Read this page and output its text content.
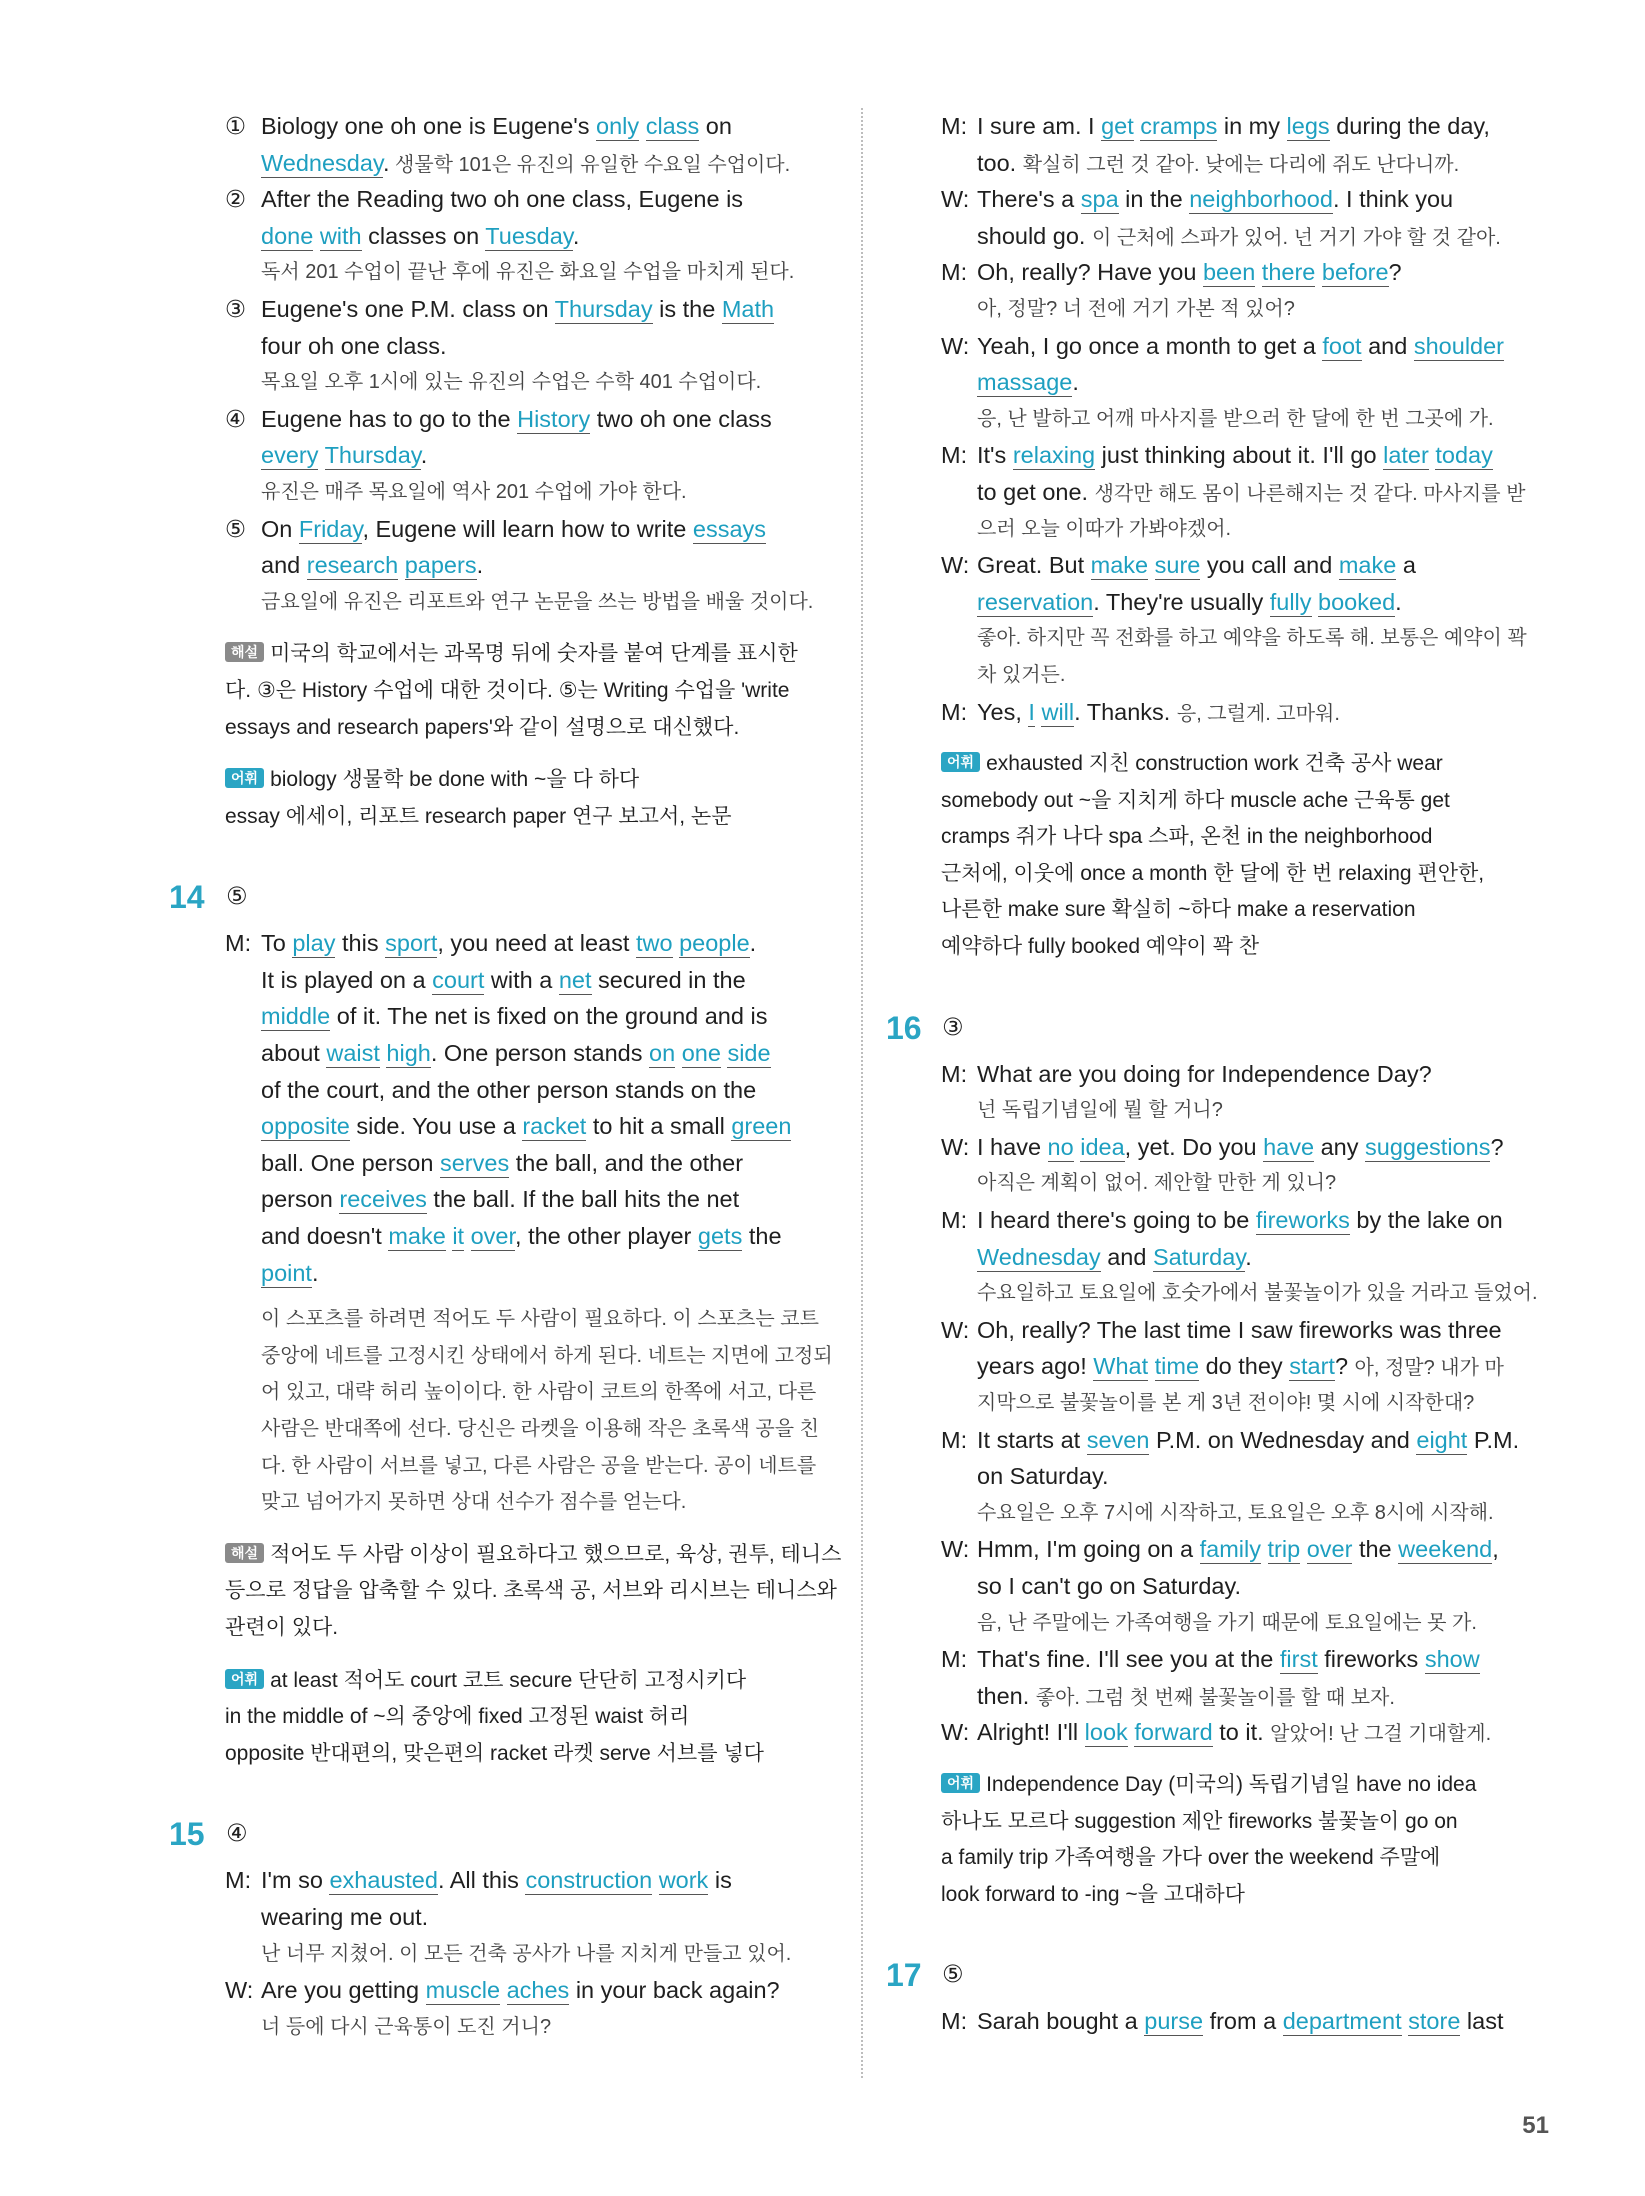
① Biology one oh one is Eugene's only class on
Wednesday. 생물학 101은 유진의 유일한 수요일 수업이다.
② After the Reading two oh one class, Eugene is
done with classes on Tuesday.
독서 201 수업이 끝난 후에 유진은 화요일 수업을 마치게 된다.
③ Eugene's one P.M. class on Thursday is the Math
four oh one class.
목요일 오후 1시에 있는 유진의 수업은 수학 401 수업이다.
④ Eugene has to go to the History two oh one class
every Thursday.
유진은 매주 목요일에 역사 201 수업에 가야 한다.
⑤ On Friday, Eugene will learn how to write essays
and research papers.
금요일에 유진은 리포트와 연구 논문을 쓰는 방법을 배울 것이다.
해설 미국의 학교에서는 과목명 뒤에 숫자를 붙여 단계를 표시한
다. ③은 History 수업에 대한 것이다. ⑤는 Writing 수업을 'write
essays and research papers'와 같이 설명으로 대신했다.
어휘 biology 생물학 be done with ~을 다 하다
essay 에세이, 리포트 research paper 연구 보고서, 논문
14 ⑤
M: To play this sport, you need at least two people.
It is played on a court with a net secured in the
middle of it. The net is fixed on the ground and is
about waist high. One person stands on one side
of the court, and the other person stands on the
opposite side. You use a racket to hit a small green
ball. One person serves the ball, and the other
person receives the ball. If the ball hits the net
and doesn't make it over, the other player gets the
point.
이 스포츠를 하려면 적어도 두 사람이 필요하다. 이 스포츠는 코트
중앙에 네트를 고정시킨 상태에서 하게 된다. 네트는 지면에 고정되
어 있고, 대략 허리 높이이다. 한 사람이 코트의 한쪽에 서고, 다른
사람은 반대쪽에 선다. 당신은 라켓을 이용해 작은 초록색 공을 친
다. 한 사람이 서브를 넣고, 다른 사람은 공을 받는다. 공이 네트를
맞고 넘어가지 못하면 상대 선수가 점수를 얻는다.
해설 적어도 두 사람 이상이 필요하다고 했으므로, 육상, 권투, 테니스
등으로 정답을 압축할 수 있다. 초록색 공, 서브와 리시브는 테니스와
관련이 있다.
어휘 at least 적어도 court 코트 secure 단단히 고정시키다
in the middle of ~의 중앙에 fixed 고정된 waist 허리
opposite 반대편의, 맞은편의 racket 라켓 serve 서브를 넣다
15 ④
M: I'm so exhausted. All this construction work is
wearing me out.
난 너무 지쳤어. 이 모든 건축 공사가 나를 지치게 만들고 있어.
W: Are you getting muscle aches in your back again?
너 등에 다시 근육통이 도진 거니?
M: I sure am. I get cramps in my legs during the day,
too. 확실히 그런 것 같아. 낮에는 다리에 쥐도 난다니까.
W: There's a spa in the neighborhood. I think you
should go. 이 근처에 스파가 있어. 넌 거기 가야 할 것 같아.
M: Oh, really? Have you been there before?
아, 정말? 너 전에 거기 가본 적 있어?
W: Yeah, I go once a month to get a foot and shoulder
massage.
응, 난 발하고 어깨 마사지를 받으러 한 달에 한 번 그곳에 가.
M: It's relaxing just thinking about it. I'll go later today
to get one. 생각만 해도 몸이 나른해지는 것 같다. 마사지를 받
으러 오늘 이따가 가봐야겠어.
W: Great. But make sure you call and make a
reservation. They're usually fully booked.
좋아. 하지만 꼭 전화를 하고 예약을 하도록 해. 보통은 예약이 꽉
차 있거든.
M: Yes, I will. Thanks. 응, 그럴게. 고마워.
어휘 exhausted 지친 construction work 건축 공사 wear
somebody out ~을 지치게 하다 muscle ache 근육통 get
cramps 쥐가 나다 spa 스파, 온천 in the neighborhood
근처에, 이웃에 once a month 한 달에 한 번 relaxing 편안한,
나른한 make sure 확실히 ~하다 make a reservation
예약하다 fully booked 예약이 꽉 찬
16 ③
M: What are you doing for Independence Day?
넌 독립기념일에 뭘 할 거니?
W: I have no idea, yet. Do you have any suggestions?
아직은 계획이 없어. 제안할 만한 게 있니?
M: I heard there's going to be fireworks by the lake on
Wednesday and Saturday.
수요일하고 토요일에 호숫가에서 불꽃놀이가 있을 거라고 들었어.
W: Oh, really? The last time I saw fireworks was three
years ago! What time do they start? 아, 정말? 내가 마
지막으로 불꽃놀이를 본 게 3년 전이야! 몇 시에 시작한대?
M: It starts at seven P.M. on Wednesday and eight P.M.
on Saturday.
수요일은 오후 7시에 시작하고, 토요일은 오후 8시에 시작해.
W: Hmm, I'm going on a family trip over the weekend,
so I can't go on Saturday.
음, 난 주말에는 가족여행을 가기 때문에 토요일에는 못 가.
M: That's fine. I'll see you at the first fireworks show
then. 좋아. 그럼 첫 번째 불꽃놀이를 할 때 보자.
W: Alright! I'll look forward to it. 알았어! 난 그걸 기대할게.
어휘 Independence Day (미국의) 독립기념일 have no idea
하나도 모르다 suggestion 제안 fireworks 불꽃놀이 go on
a family trip 가족여행을 가다 over the weekend 주말에
look forward to -ing ~을 고대하다
17 ⑤
M: Sarah bought a purse from a department store last
51
